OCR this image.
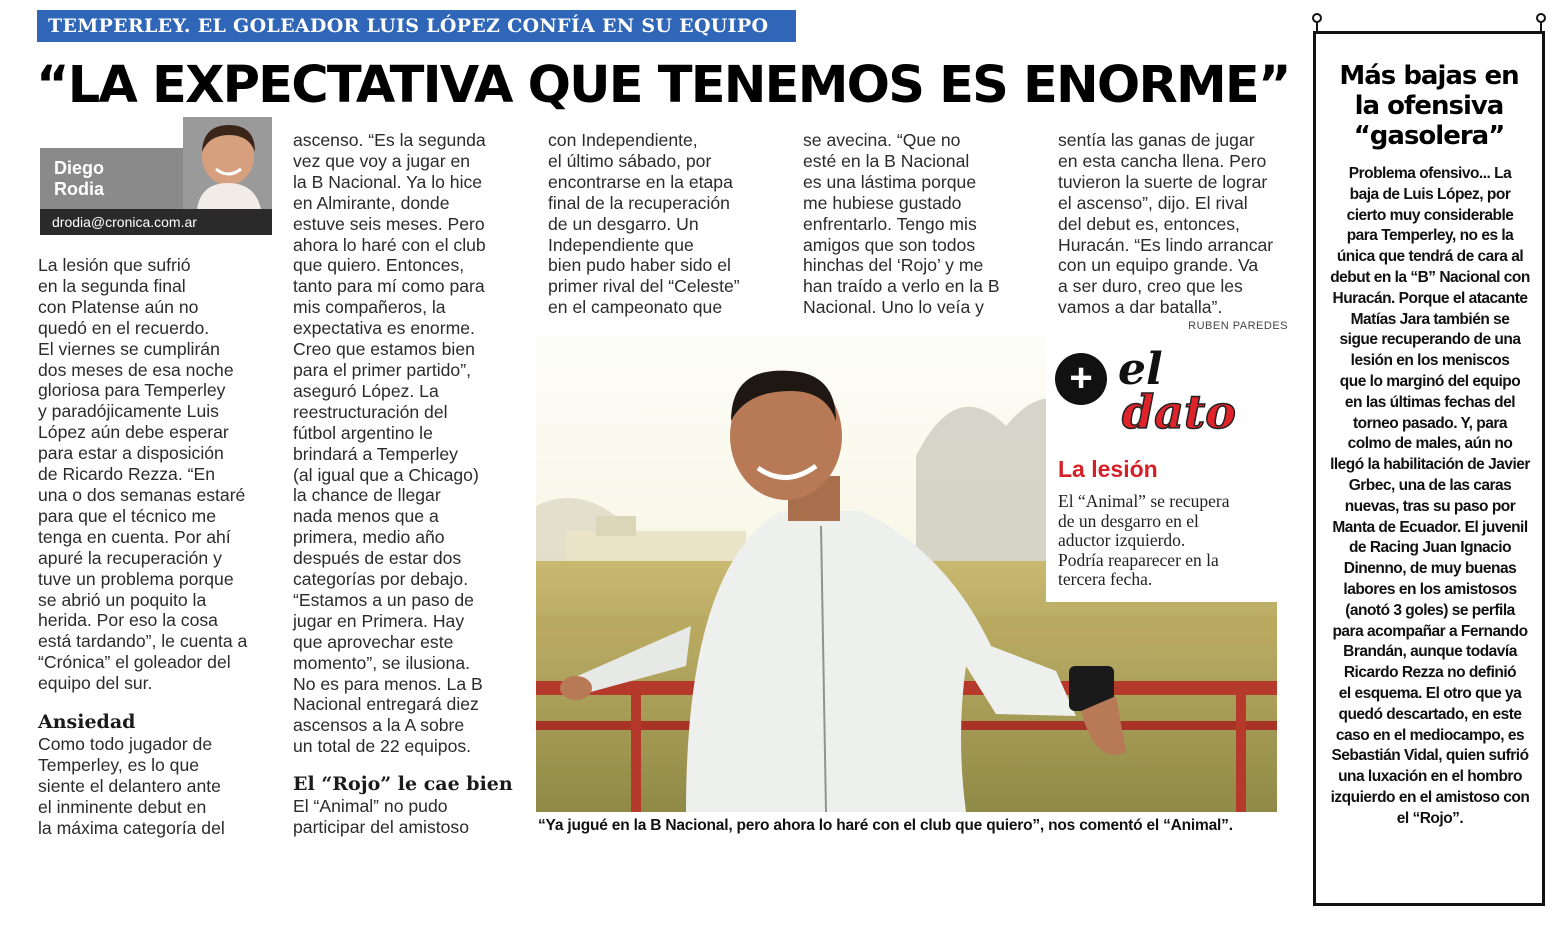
TEMPERLEY. EL GOLEADOR LUIS LÓPEZ CONFÍA EN SU EQUIPO
“LA EXPECTATIVA QUE TENEMOS ES ENORME”
Diego
Rodia
drodia@cronica.com.ar
La lesión que sufrió
en la segunda final
con Platense aún no
quedó en el recuerdo.
El viernes se cumplirán
dos meses de esa noche
gloriosa para Temperley
y paradójicamente Luis
López aún debe esperar
para estar a disposición
de Ricardo Rezza. “En
una o dos semanas estaré
para que el técnico me
tenga en cuenta. Por ahí
apuré la recuperación y
tuve un problema porque
se abrió un poquito la
herida. Por eso la cosa
está tardando”, le cuenta a
“Crónica” el goleador del
equipo del sur.
Ansiedad
Como todo jugador de
Temperley, es lo que
siente el delantero ante
el inminente debut en
la máxima categoría del
ascenso. “Es la segunda
vez que voy a jugar en
la B Nacional. Ya lo hice
en Almirante, donde
estuve seis meses. Pero
ahora lo haré con el club
que quiero. Entonces,
tanto para mí como para
mis compañeros, la
expectativa es enorme.
Creo que estamos bien
para el primer partido”,
aseguró López. La
reestructuración del
fútbol argentino le
brindará a Temperley
(al igual que a Chicago)
la chance de llegar
nada menos que a
primera, medio año
después de estar dos
categorías por debajo.
“Estamos a un paso de
jugar en Primera. Hay
que aprovechar este
momento”, se ilusiona.
No es para menos. La B
Nacional entregará diez
ascensos a la A sobre
un total de 22 equipos.
El “Rojo” le cae bien
El “Animal” no pudo
participar del amistoso
con Independiente,
el último sábado, por
encontrarse en la etapa
final de la recuperación
de un desgarro. Un
Independiente que
bien pudo haber sido el
primer rival del “Celeste”
en el campeonato que
se avecina. “Que no
esté en la B Nacional
es una lástima porque
me hubiese gustado
enfrentarlo. Tengo mis
amigos que son todos
hinchas del ‘Rojo’ y me
han traído a verlo en la B
Nacional. Uno lo veía y
sentía las ganas de jugar
en esta cancha llena. Pero
tuvieron la suerte de lograr
el ascenso”, dijo. El rival
del debut es, entonces,
Huracán. “Es lindo arrancar
con un equipo grande. Va
a ser duro, creo que les
vamos a dar batalla”.
RUBEN PAREDES
+ el
dato
La lesión
El “Animal” se recupera
de un desgarro en el
aductor izquierdo.
Podría reaparecer en la
tercera fecha.
“Ya jugué en la B Nacional, pero ahora lo haré con el club que quiero”, nos comentó el “Animal”.
Más bajas en
la ofensiva
“gasolera”
Problema ofensivo... La
baja de Luis López, por
cierto muy considerable
para Temperley, no es la
única que tendrá de cara al
debut en la “B” Nacional con
Huracán. Porque el atacante
Matías Jara también se
sigue recuperando de una
lesión en los meniscos
que lo marginó del equipo
en las últimas fechas del
torneo pasado. Y, para
colmo de males, aún no
llegó la habilitación de Javier
Grbec, una de las caras
nuevas, tras su paso por
Manta de Ecuador. El juvenil
de Racing Juan Ignacio
Dinenno, de muy buenas
labores en los amistosos
(anotó 3 goles) se perfila
para acompañar a Fernando
Brandán, aunque todavía
Ricardo Rezza no definió
el esquema. El otro que ya
quedó descartado, en este
caso en el mediocampo, es
Sebastián Vidal, quien sufrió
una luxación en el hombro
izquierdo en el amistoso con
el “Rojo”.
